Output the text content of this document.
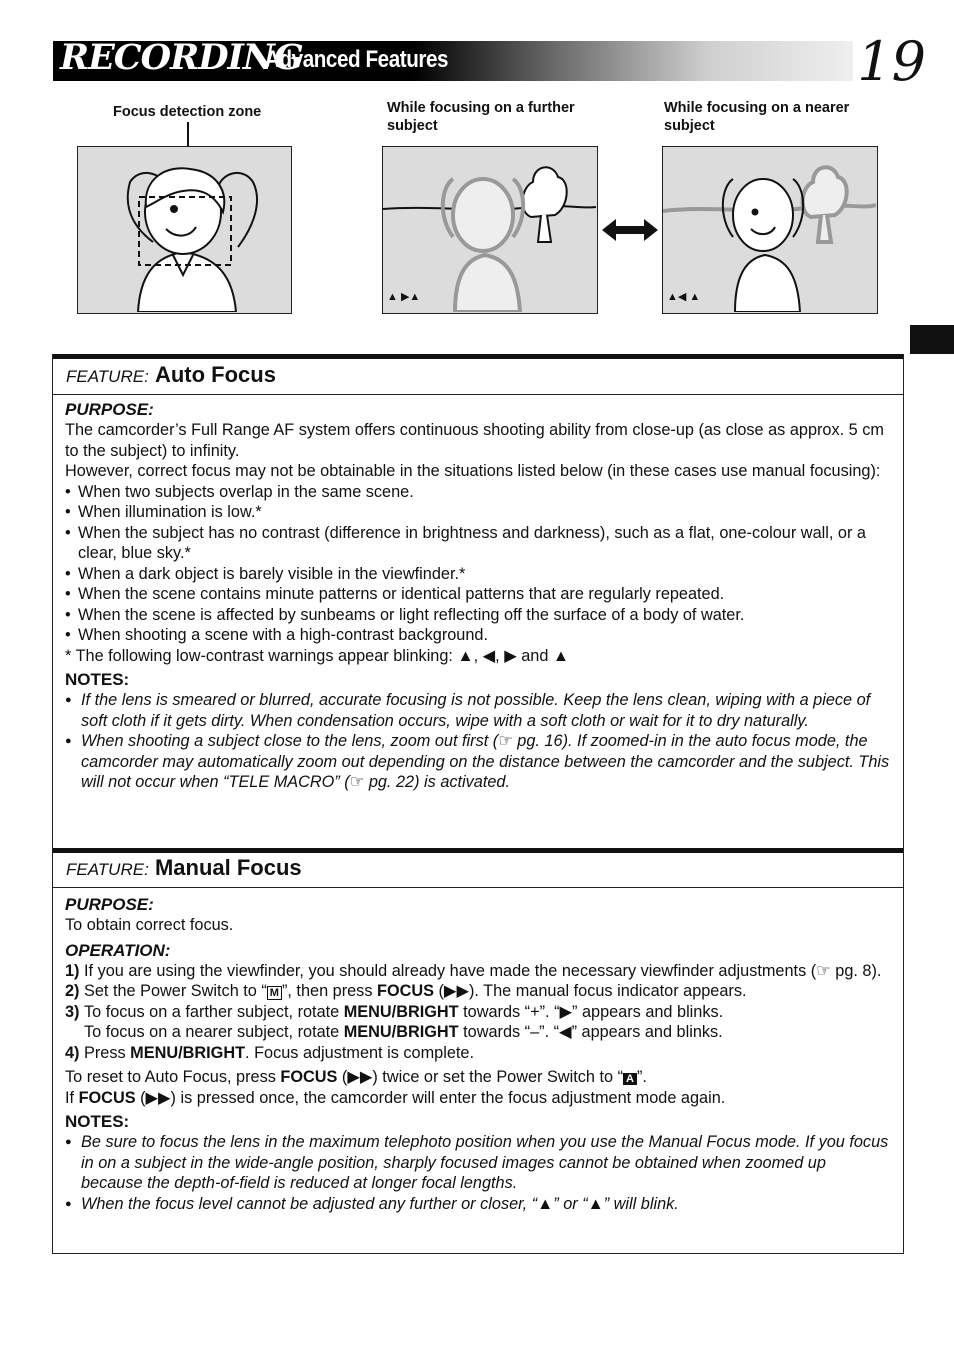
RECORDING
Advanced Features	19
Focus detection zone	While focusing on a further subject
While focusing on a nearer subject
▲ ▶▲	▲◀ ▲
FEATURE: Auto Focus

PURPOSE:

The camcorder’s Full Range AF system offers continuous shooting ability from close-up (as close as approx. 5 cm to the subject) to infinity.

However, correct focus may not be obtainable in the situations listed below (in these cases use manual focusing):

• When two subjects overlap in the same scene.

• When illumination is low.*

• When the subject has no contrast (difference in brightness and darkness), such as a flat, one-colour wall, or a clear, blue sky.*

• When a dark object is barely visible in the viewfinder.*

• When the scene contains minute patterns or identical patterns that are regularly repeated.

• When the scene is affected by sunbeams or light reflecting off the surface of a body of water.

• When shooting a scene with a high-contrast background.

* The following low-contrast warnings appear blinking: ▲, ◀, ▶ and ▲

NOTES:

● If the lens is smeared or blurred, accurate focusing is not possible. Keep the lens clean, wiping with a piece of soft cloth if it gets dirty. When condensation occurs, wipe with a soft cloth or wait for it to dry naturally.

● When shooting a subject close to the lens, zoom out first (☞ pg. 16). If zoomed-in in the auto focus mode, the camcorder may automatically zoom out depending on the distance between the camcorder and the subject. This will not occur when “TELE MACRO” (☞ pg. 22) is activated.

FEATURE: Manual Focus

PURPOSE:

To obtain correct focus.

OPERATION:

1) If you are using the viewfinder, you should already have made the necessary viewfinder adjustments (☞ pg. 8).

2) Set the Power Switch to “ M ”, then press FOCUS (▶▶). The manual focus indicator appears.

3) To focus on a farther subject, rotate MENU/BRIGHT towards “+”. “▶” appears and blinks.

To focus on a nearer subject, rotate MENU/BRIGHT towards “–”. “◀” appears and blinks.

4) Press MENU/BRIGHT. Focus adjustment is complete.

To reset to Auto Focus, press FOCUS (▶▶) twice or set the Power Switch to “ A ”.

If FOCUS (▶▶) is pressed once, the camcorder will enter the focus adjustment mode again.

NOTES:

● Be sure to focus the lens in the maximum telephoto position when you use the Manual Focus mode. If you focus in on a subject in the wide-angle position, sharply focused images cannot be obtained when zoomed up because the depth-of-field is reduced at longer focal lengths.

● When the focus level cannot be adjusted any further or closer, “▲” or “▲” will blink.
